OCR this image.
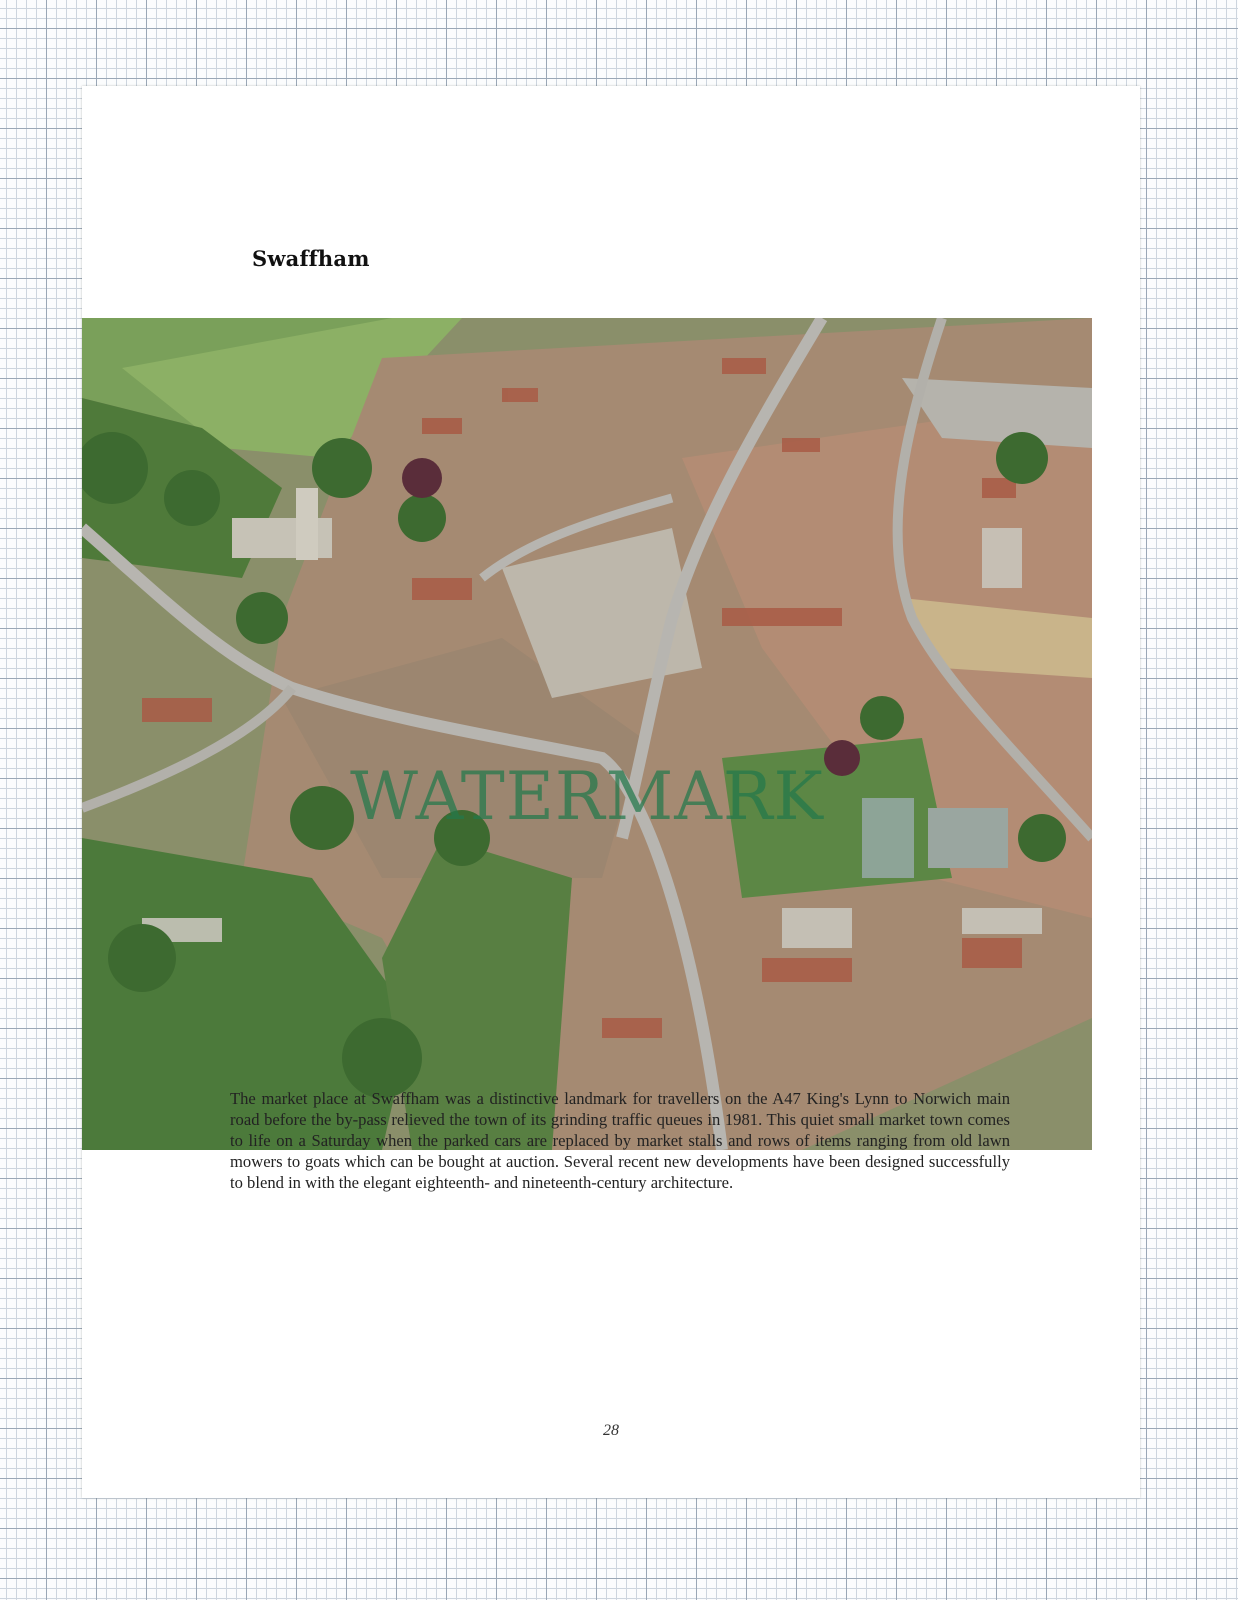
Swaffham
WATERMARK

The market place at Swaffham was a distinctive landmark for travellers on the A47 King's Lynn to Norwich main road before the by-pass relieved the town of its grinding traffic queues in 1981. This quiet small market town comes to life on a Saturday when the parked cars are replaced by market stalls and rows of items ranging from old lawn mowers to goats which can be bought at auction. Several recent new developments have been designed successfully to blend in with the elegant eighteenth- and nineteenth-century architecture.

28
